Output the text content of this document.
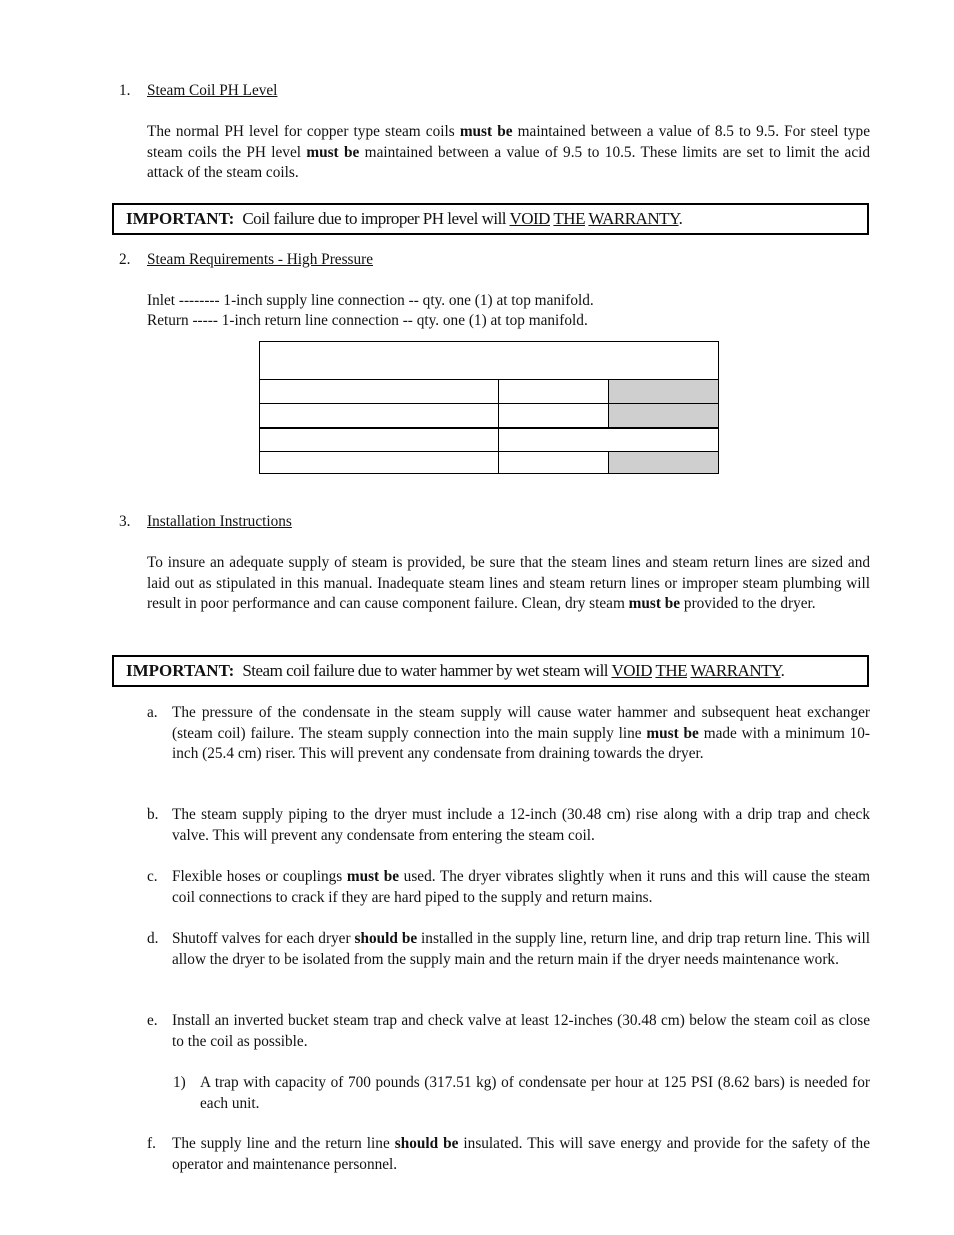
1. Steam Coil PH Level
The normal PH level for copper type steam coils must be maintained between a value of 8.5 to 9.5. For steel type steam coils the PH level must be maintained between a value of 9.5 to 10.5. These limits are set to limit the acid attack of the steam coils.
IMPORTANT: Coil failure due to improper PH level will VOID THE WARRANTY.
2. Steam Requirements - High Pressure
Inlet -------- 1-inch supply line connection -- qty. one (1) at top manifold.
Return ----- 1-inch return line connection -- qty. one (1) at top manifold.
3. Installation Instructions
To insure an adequate supply of steam is provided, be sure that the steam lines and steam return lines are sized and laid out as stipulated in this manual. Inadequate steam lines and steam return lines or improper steam plumbing will result in poor performance and can cause component failure. Clean, dry steam must be provided to the dryer.
IMPORTANT: Steam coil failure due to water hammer by wet steam will VOID THE WARRANTY.
a. The pressure of the condensate in the steam supply will cause water hammer and subsequent heat exchanger (steam coil) failure. The steam supply connection into the main supply line must be made with a minimum 10-inch (25.4 cm) riser. This will prevent any condensate from draining towards the dryer.
b. The steam supply piping to the dryer must include a 12-inch (30.48 cm) rise along with a drip trap and check valve. This will prevent any condensate from entering the steam coil.
c. Flexible hoses or couplings must be used. The dryer vibrates slightly when it runs and this will cause the steam coil connections to crack if they are hard piped to the supply and return mains.
d. Shutoff valves for each dryer should be installed in the supply line, return line, and drip trap return line. This will allow the dryer to be isolated from the supply main and the return main if the dryer needs maintenance work.
e. Install an inverted bucket steam trap and check valve at least 12-inches (30.48 cm) below the steam coil as close to the coil as possible.
1) A trap with capacity of 700 pounds (317.51 kg) of condensate per hour at 125 PSI (8.62 bars) is needed for each unit.
f. The supply line and the return line should be insulated. This will save energy and provide for the safety of the operator and maintenance personnel.
